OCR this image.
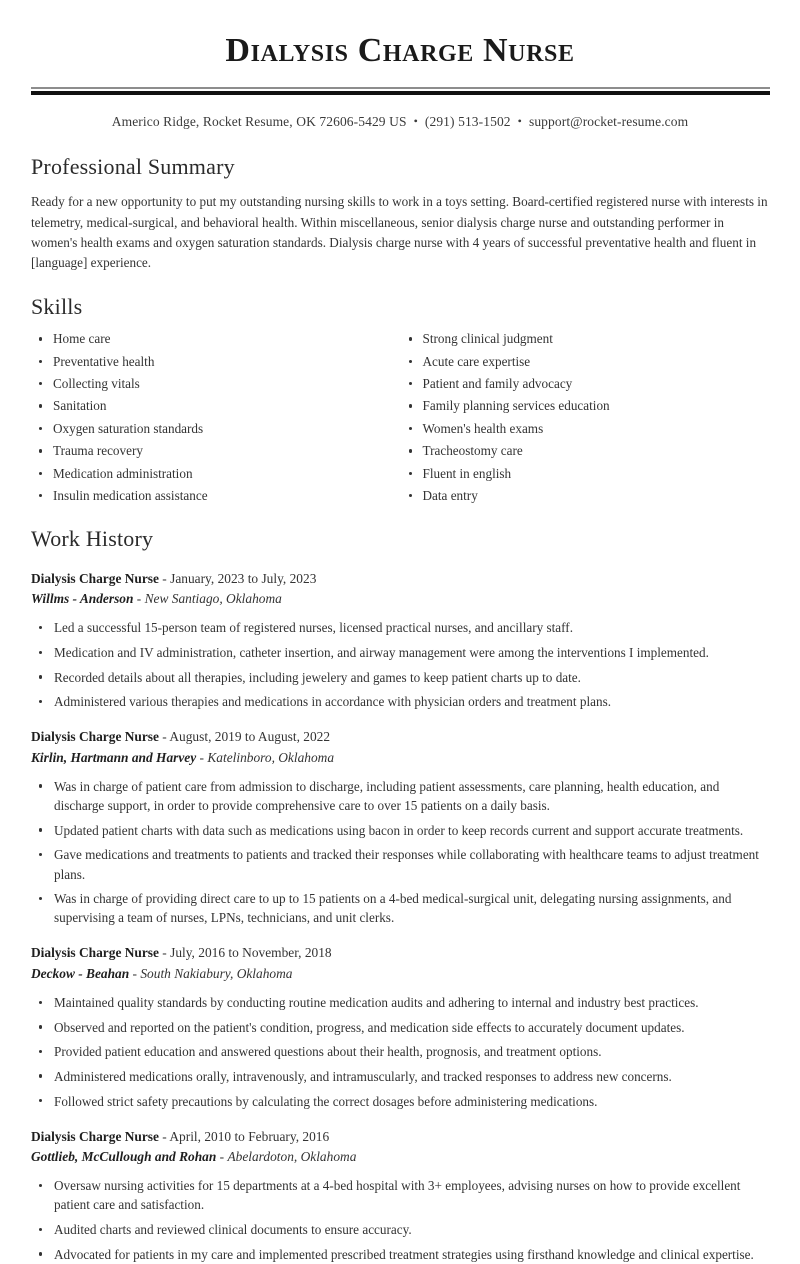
Dialysis Charge Nurse
Americo Ridge, Rocket Resume, OK 72606-5429 US • (291) 513-1502 • support@rocket-resume.com
Professional Summary

Ready for a new opportunity to put my outstanding nursing skills to work in a toys setting. Board-certified registered nurse with interests in telemetry, medical-surgical, and behavioral health. Within miscellaneous, senior dialysis charge nurse and outstanding performer in women's health exams and oxygen saturation standards. Dialysis charge nurse with 4 years of successful preventative health and fluent in [language] experience.

Skills
Home care
Preventative health
Collecting vitals
Sanitation
Oxygen saturation standards
Trauma recovery
Medication administration
Insulin medication assistance
Strong clinical judgment
Acute care expertise
Patient and family advocacy
Family planning services education
Women's health exams
Tracheostomy care
Fluent in english
Data entry
Work History
Dialysis Charge Nurse - January, 2023 to July, 2023
Willms - Anderson - New Santiago, Oklahoma
Led a successful 15-person team of registered nurses, licensed practical nurses, and ancillary staff.
Medication and IV administration, catheter insertion, and airway management were among the interventions I implemented.
Recorded details about all therapies, including jewelery and games to keep patient charts up to date.
Administered various therapies and medications in accordance with physician orders and treatment plans.
Dialysis Charge Nurse - August, 2019 to August, 2022
Kirlin, Hartmann and Harvey - Katelinboro, Oklahoma
Was in charge of patient care from admission to discharge, including patient assessments, care planning, health education, and discharge support, in order to provide comprehensive care to over 15 patients on a daily basis.
Updated patient charts with data such as medications using bacon in order to keep records current and support accurate treatments.
Gave medications and treatments to patients and tracked their responses while collaborating with healthcare teams to adjust treatment plans.
Was in charge of providing direct care to up to 15 patients on a 4-bed medical-surgical unit, delegating nursing assignments, and supervising a team of nurses, LPNs, technicians, and unit clerks.
Dialysis Charge Nurse - July, 2016 to November, 2018
Deckow - Beahan - South Nakiabury, Oklahoma
Maintained quality standards by conducting routine medication audits and adhering to internal and industry best practices.
Observed and reported on the patient's condition, progress, and medication side effects to accurately document updates.
Provided patient education and answered questions about their health, prognosis, and treatment options.
Administered medications orally, intravenously, and intramuscularly, and tracked responses to address new concerns.
Followed strict safety precautions by calculating the correct dosages before administering medications.
Dialysis Charge Nurse - April, 2010 to February, 2016
Gottlieb, McCullough and Rohan - Abelardoton, Oklahoma
Oversaw nursing activities for 15 departments at a 4-bed hospital with 3+ employees, advising nurses on how to provide excellent patient care and satisfaction.
Audited charts and reviewed clinical documents to ensure accuracy.
Advocated for patients in my care and implemented prescribed treatment strategies using firsthand knowledge and clinical expertise.
